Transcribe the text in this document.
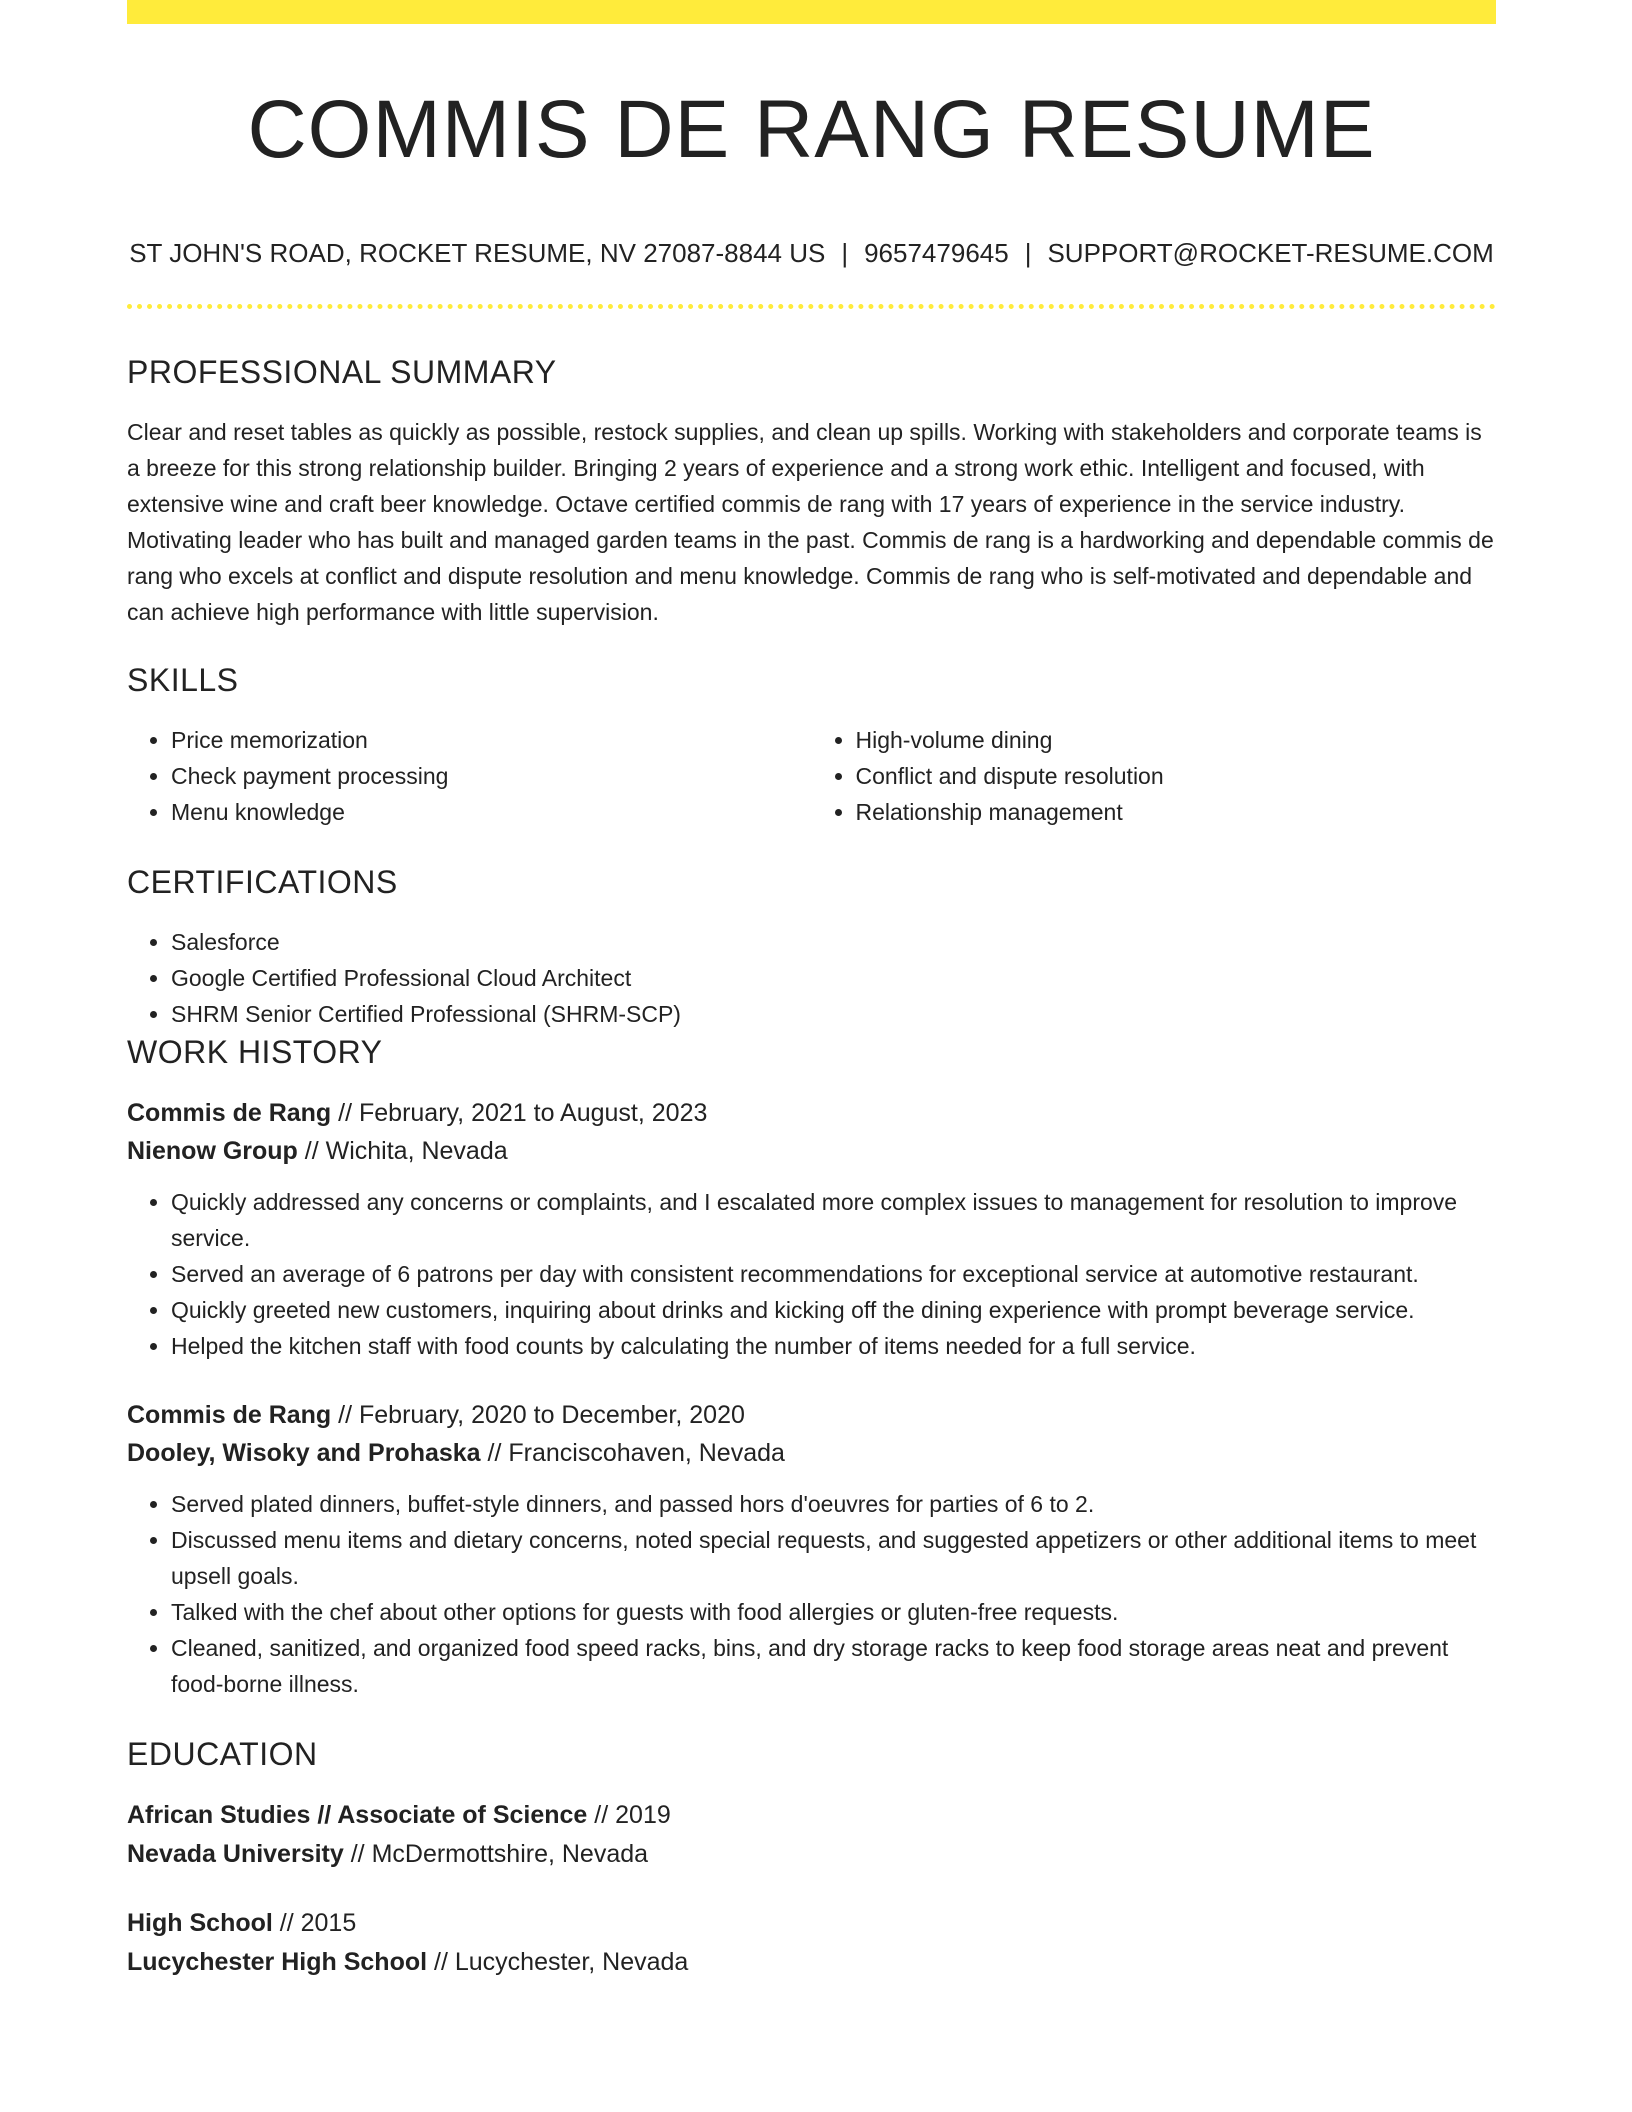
COMMIS DE RANG RESUME
ST JOHN'S ROAD, ROCKET RESUME, NV 27087-8844 US | 9657479645 | SUPPORT@ROCKET-RESUME.COM
PROFESSIONAL SUMMARY

Clear and reset tables as quickly as possible, restock supplies, and clean up spills. Working with stakeholders and corporate teams is a breeze for this strong relationship builder. Bringing 2 years of experience and a strong work ethic. Intelligent and focused, with extensive wine and craft beer knowledge. Octave certified commis de rang with 17 years of experience in the service industry. Motivating leader who has built and managed garden teams in the past. Commis de rang is a hardworking and dependable commis de rang who excels at conflict and dispute resolution and menu knowledge. Commis de rang who is self-motivated and dependable and can achieve high performance with little supervision.

SKILLS
• Price memorization
• Check payment processing
• Menu knowledge
• High-volume dining
• Conflict and dispute resolution
• Relationship management
CERTIFICATIONS
• Salesforce
• Google Certified Professional Cloud Architect
• SHRM Senior Certified Professional (SHRM-SCP)
WORK HISTORY
Commis de Rang // February, 2021 to August, 2023
Nienow Group // Wichita, Nevada
• Quickly addressed any concerns or complaints, and I escalated more complex issues to management for resolution to improve service.
• Served an average of 6 patrons per day with consistent recommendations for exceptional service at automotive restaurant.
• Quickly greeted new customers, inquiring about drinks and kicking off the dining experience with prompt beverage service.
• Helped the kitchen staff with food counts by calculating the number of items needed for a full service.
Commis de Rang // February, 2020 to December, 2020
Dooley, Wisoky and Prohaska // Franciscohaven, Nevada
• Served plated dinners, buffet-style dinners, and passed hors d'oeuvres for parties of 6 to 2.
• Discussed menu items and dietary concerns, noted special requests, and suggested appetizers or other additional items to meet upsell goals.
• Talked with the chef about other options for guests with food allergies or gluten-free requests.
• Cleaned, sanitized, and organized food speed racks, bins, and dry storage racks to keep food storage areas neat and prevent food-borne illness.
EDUCATION
African Studies // Associate of Science // 2019
Nevada University // McDermottshire, Nevada
High School // 2015
Lucychester High School // Lucychester, Nevada
